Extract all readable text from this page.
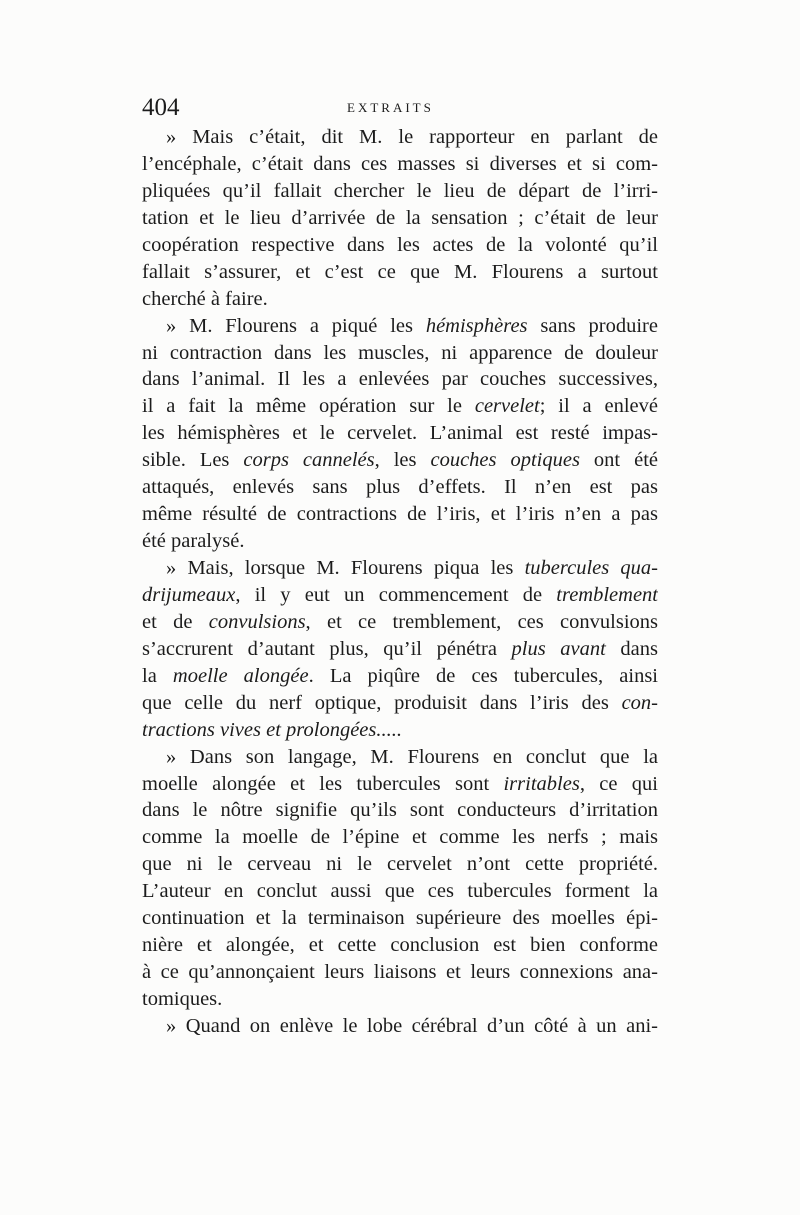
404	EXTRAITS
» Mais c’était, dit M. le rapporteur en parlant de
l’encéphale, c’était dans ces masses si diverses et si com-
pliquées qu’il fallait chercher le lieu de départ de l’irri-
tation et le lieu d’arrivée de la sensation ; c’était de leur
coopération respective dans les actes de la volonté qu’il
fallait s’assurer, et c’est ce que M. Flourens a surtout
cherché à faire.
» M. Flourens a piqué les hémisphères sans produire
ni contraction dans les muscles, ni apparence de douleur
dans l’animal. Il les a enlevées par couches successives,
il a fait la même opération sur le cervelet; il a enlevé
les hémisphères et le cervelet. L’animal est resté impas-
sible. Les corps cannelés, les couches optiques ont été
attaqués, enlevés sans plus d’effets. Il n’en est pas
même résulté de contractions de l’iris, et l’iris n’en a pas
été paralysé.
» Mais, lorsque M. Flourens piqua les tubercules qua-
drijumeaux, il y eut un commencement de tremblement
et de convulsions, et ce tremblement, ces convulsions
s’accrurent d’autant plus, qu’il pénétra plus avant dans
la moelle alongée. La piqûre de ces tubercules, ainsi
que celle du nerf optique, produisit dans l’iris des con-
tractions vives et prolongées.....
» Dans son langage, M. Flourens en conclut que la
moelle alongée et les tubercules sont irritables, ce qui
dans le nôtre signifie qu’ils sont conducteurs d’irritation
comme la moelle de l’épine et comme les nerfs ; mais
que ni le cerveau ni le cervelet n’ont cette propriété.
L’auteur en conclut aussi que ces tubercules forment la
continuation et la terminaison supérieure des moelles épi-
nière et alongée, et cette conclusion est bien conforme
à ce qu’annonçaient leurs liaisons et leurs connexions ana-
tomiques.
» Quand on enlève le lobe cérébral d’un côté à un ani-
